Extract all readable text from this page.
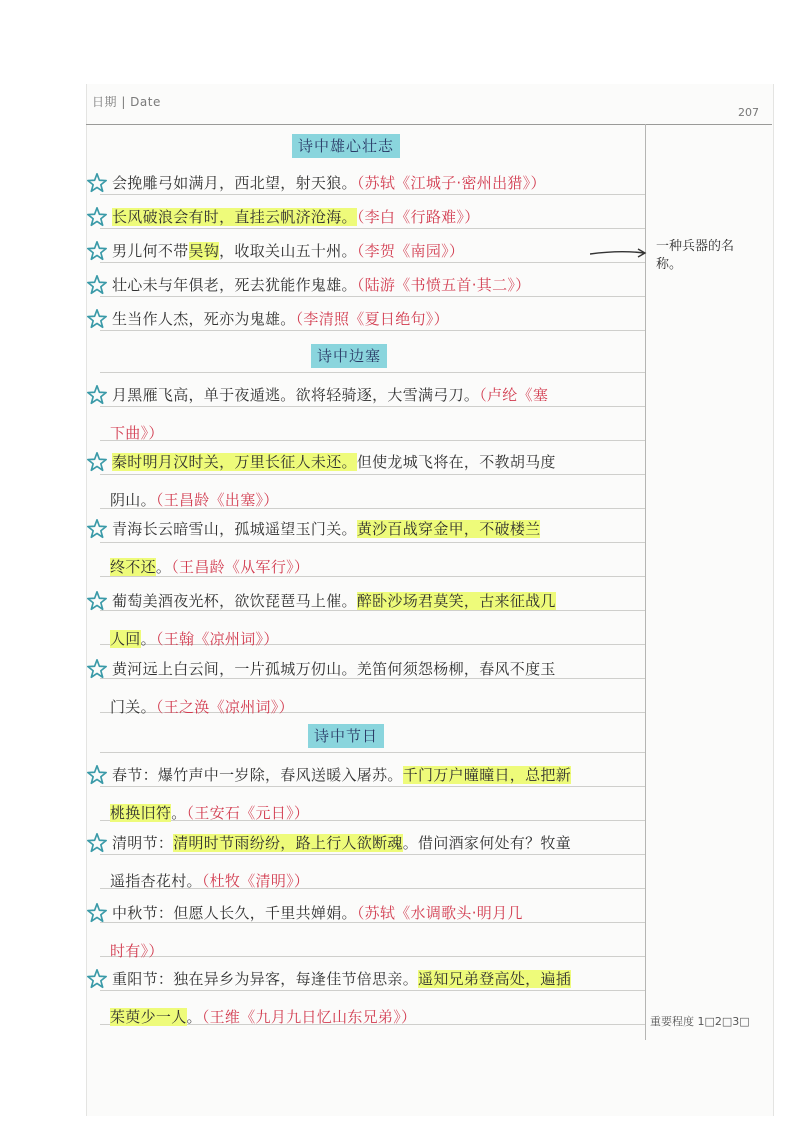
日期 | Date
207
诗中雄心壮志
诗中边塞
诗中节日
会挽雕弓如满月，西北望，射天狼。（苏轼《江城子·密州出猎》）
长风破浪会有时，直挂云帆济沧海。（李白《行路难》）
男儿何不带吴钩，收取关山五十州。（李贺《南园》）
壮心未与年俱老，死去犹能作鬼雄。（陆游《书愤五首·其二》）
生当作人杰，死亦为鬼雄。（李清照《夏日绝句》）
月黑雁飞高，单于夜遁逃。欲将轻骑逐，大雪满弓刀。（卢纶《塞
下曲》）
秦时明月汉时关，万里长征人未还。但使龙城飞将在，不教胡马度
阴山。（王昌龄《出塞》）
青海长云暗雪山，孤城遥望玉门关。黄沙百战穿金甲，不破楼兰
终不还。（王昌龄《从军行》）
葡萄美酒夜光杯，欲饮琵琶马上催。醉卧沙场君莫笑，古来征战几
人回。（王翰《凉州词》）
黄河远上白云间，一片孤城万仞山。羌笛何须怨杨柳，春风不度玉
门关。（王之涣《凉州词》）
春节：爆竹声中一岁除，春风送暖入屠苏。千门万户曈曈日，总把新
桃换旧符。（王安石《元日》）
清明节：清明时节雨纷纷，路上行人欲断魂。借问酒家何处有？牧童
遥指杏花村。（杜牧《清明》）
中秋节：但愿人长久，千里共婵娟。（苏轼《水调歌头·明月几
时有》）
重阳节：独在异乡为异客，每逢佳节倍思亲。遥知兄弟登高处，遍插
茱萸少一人。（王维《九月九日忆山东兄弟》）
一种兵器的名称。
重要程度 1□2□3□
